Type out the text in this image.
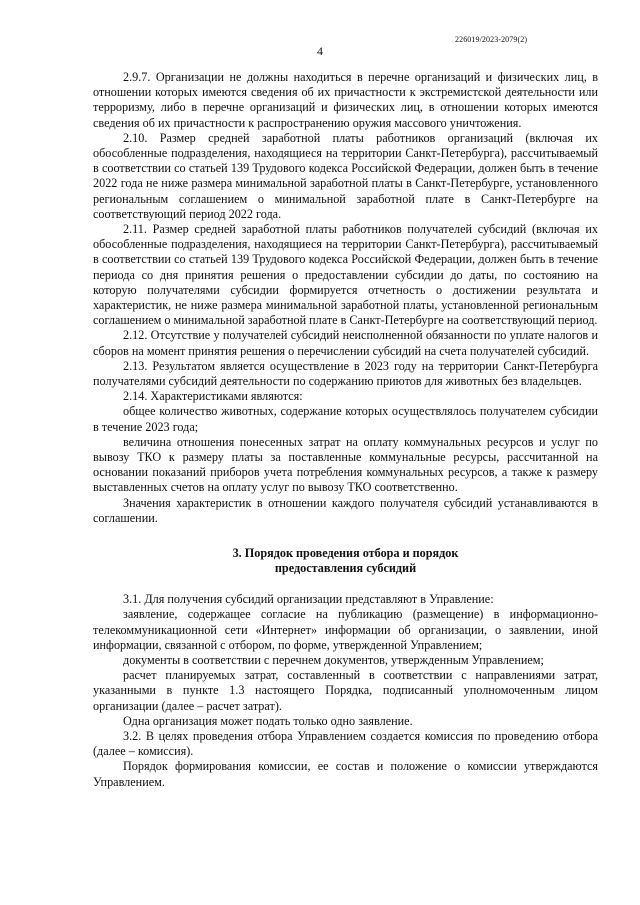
226019/2023-2079(2)
4

2.9.7. Организации не должны находиться в перечне организаций и физических лиц, в отношении которых имеются сведения об их причастности к экстремистской деятельности или терроризму, либо в перечне организаций и физических лиц, в отношении которых имеются сведения об их причастности к распространению оружия массового уничтожения.

2.10. Размер средней заработной платы работников организаций (включая их обособленные подразделения, находящиеся на территории Санкт-Петербурга), рассчитываемый в соответствии со статьей 139 Трудового кодекса Российской Федерации, должен быть в течение 2022 года не ниже размера минимальной заработной платы в Санкт-Петербурге, установленного региональным соглашением о минимальной заработной плате в Санкт-Петербурге на соответствующий период 2022 года.

2.11. Размер средней заработной платы работников получателей субсидий (включая их обособленные подразделения, находящиеся на территории Санкт-Петербурга), рассчитываемый в соответствии со статьей 139 Трудового кодекса Российской Федерации, должен быть в течение периода со дня принятия решения о предоставлении субсидии до даты, по состоянию на которую получателями субсидии формируется отчетность о достижении результата и характеристик, не ниже размера минимальной заработной платы, установленной региональным соглашением о минимальной заработной плате в Санкт-Петербурге на соответствующий период.

2.12. Отсутствие у получателей субсидий неисполненной обязанности по уплате налогов и сборов на момент принятия решения о перечислении субсидий на счета получателей субсидий.

2.13. Результатом является осуществление в 2023 году на территории Санкт-Петербурга получателями субсидий деятельности по содержанию приютов для животных без владельцев.

2.14. Характеристиками являются:

общее количество животных, содержание которых осуществлялось получателем субсидии в течение 2023 года;

величина отношения понесенных затрат на оплату коммунальных ресурсов и услуг по вывозу ТКО к размеру платы за поставленные коммунальные ресурсы, рассчитанной на основании показаний приборов учета потребления коммунальных ресурсов, а также к размеру выставленных счетов на оплату услуг по вывозу ТКО соответственно.

Значения характеристик в отношении каждого получателя субсидий устанавливаются в соглашении.

3. Порядок проведения отбора и порядок
предоставления субсидий

3.1. Для получения субсидий организации представляют в Управление:

заявление, содержащее согласие на публикацию (размещение) в информационно-телекоммуникационной сети «Интернет» информации об организации, о заявлении, иной информации, связанной с отбором, по форме, утвержденной Управлением;

документы в соответствии с перечнем документов, утвержденным Управлением;

расчет планируемых затрат, составленный в соответствии с направлениями затрат, указанными в пункте 1.3 настоящего Порядка, подписанный уполномоченным лицом организации (далее – расчет затрат).

Одна организация может подать только одно заявление.

3.2. В целях проведения отбора Управлением создается комиссия по проведению отбора (далее – комиссия).

Порядок формирования комиссии, ее состав и положение о комиссии утверждаются Управлением.
